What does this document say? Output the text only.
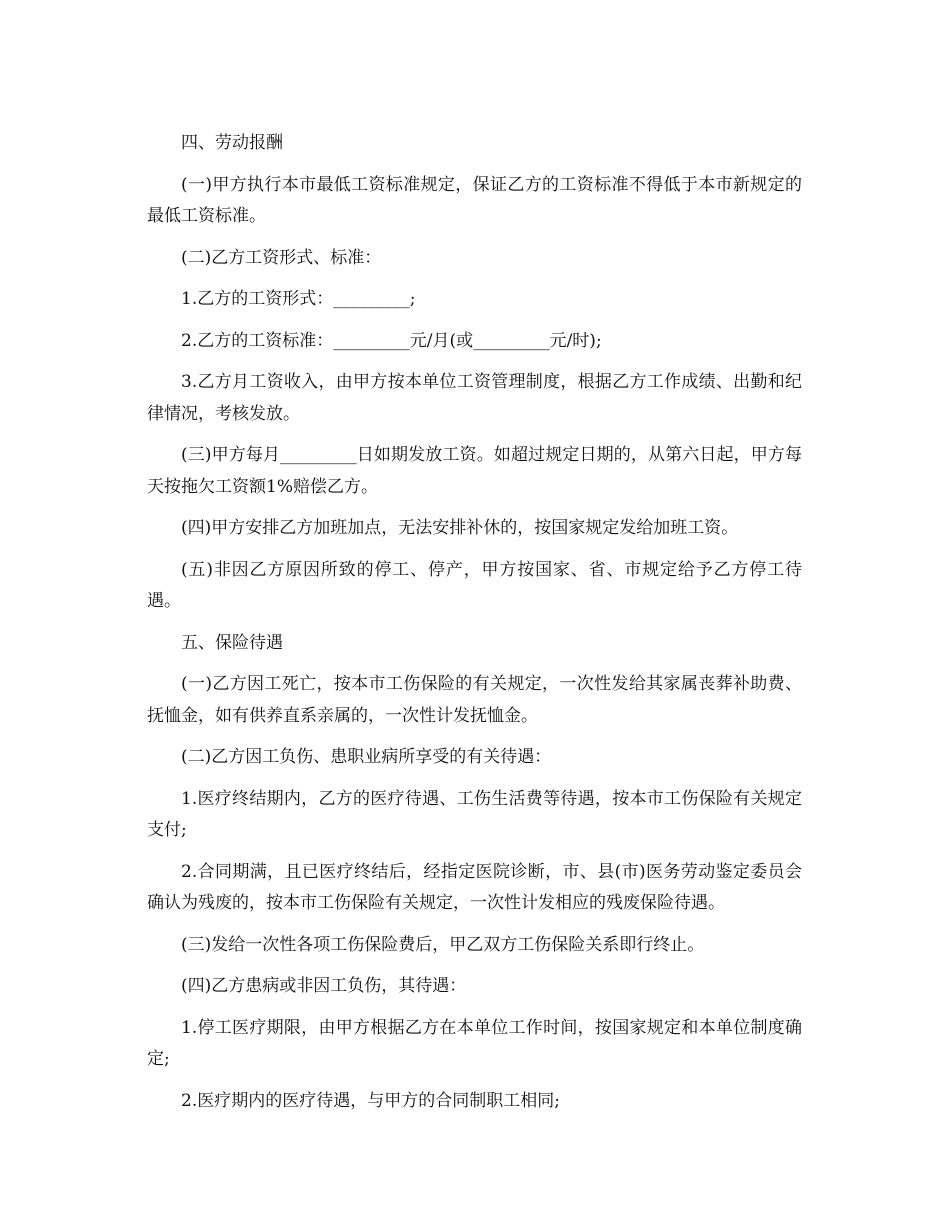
四、劳动报酬

(一)甲方执行本市最低工资标准规定，保证乙方的工资标准不得低于本市新规定的最低工资标准。

(二)乙方工资形式、标准：

1.乙方的工资形式：_________;

2.乙方的工资标准：_________元/月(或_________元/时);

3.乙方月工资收入，由甲方按本单位工资管理制度，根据乙方工作成绩、出勤和纪律情况，考核发放。

(三)甲方每月_________日如期发放工资。如超过规定日期的，从第六日起，甲方每天按拖欠工资额1%赔偿乙方。

(四)甲方安排乙方加班加点，无法安排补休的，按国家规定发给加班工资。

(五)非因乙方原因所致的停工、停产，甲方按国家、省、市规定给予乙方停工待遇。

五、保险待遇

(一)乙方因工死亡，按本市工伤保险的有关规定，一次性发给其家属丧葬补助费、抚恤金，如有供养直系亲属的，一次性计发抚恤金。

(二)乙方因工负伤、患职业病所享受的有关待遇：

1.医疗终结期内，乙方的医疗待遇、工伤生活费等待遇，按本市工伤保险有关规定支付;

2.合同期满，且已医疗终结后，经指定医院诊断，市、县(市)医务劳动鉴定委员会确认为残废的，按本市工伤保险有关规定，一次性计发相应的残废保险待遇。

(三)发给一次性各项工伤保险费后，甲乙双方工伤保险关系即行终止。

(四)乙方患病或非因工负伤，其待遇：

1.停工医疗期限，由甲方根据乙方在本单位工作时间，按国家规定和本单位制度确定;

2.医疗期内的医疗待遇，与甲方的合同制职工相同;
